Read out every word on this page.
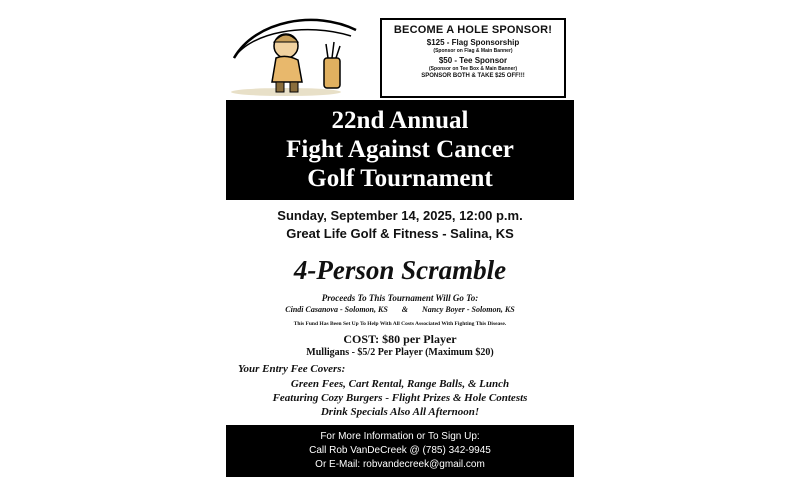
BECOME A HOLE SPONSOR!
$125 - Flag Sponsorship
(Sponsor on Flag & Main Banner)
$50 - Tee Sponsor
(Sponsor on Tee Box & Main Banner)
SPONSOR BOTH & TAKE $25 OFF!!!
22nd Annual
Fight Against Cancer
Golf Tournament
Sunday, September 14, 2025, 12:00 p.m.
Great Life Golf & Fitness - Salina, KS
4-Person Scramble
Proceeds To This Tournament Will Go To:
Cindi Casanova - Solomon, KS & Nancy Boyer - Solomon, KS
This Fund Has Been Set Up To Help With All Costs Associated With Fighting This Disease.
COST: $80 per Player
Mulligans - $5/2 Per Player (Maximum $20)
Your Entry Fee Covers:
Green Fees, Cart Rental, Range Balls, & Lunch
Featuring Cozy Burgers - Flight Prizes & Hole Contests
Drink Specials Also All Afternoon!
For More Information or To Sign Up:
Call Rob VanDeCreek @ (785) 342-9945
Or E-Mail: robvandecreek@gmail.com
